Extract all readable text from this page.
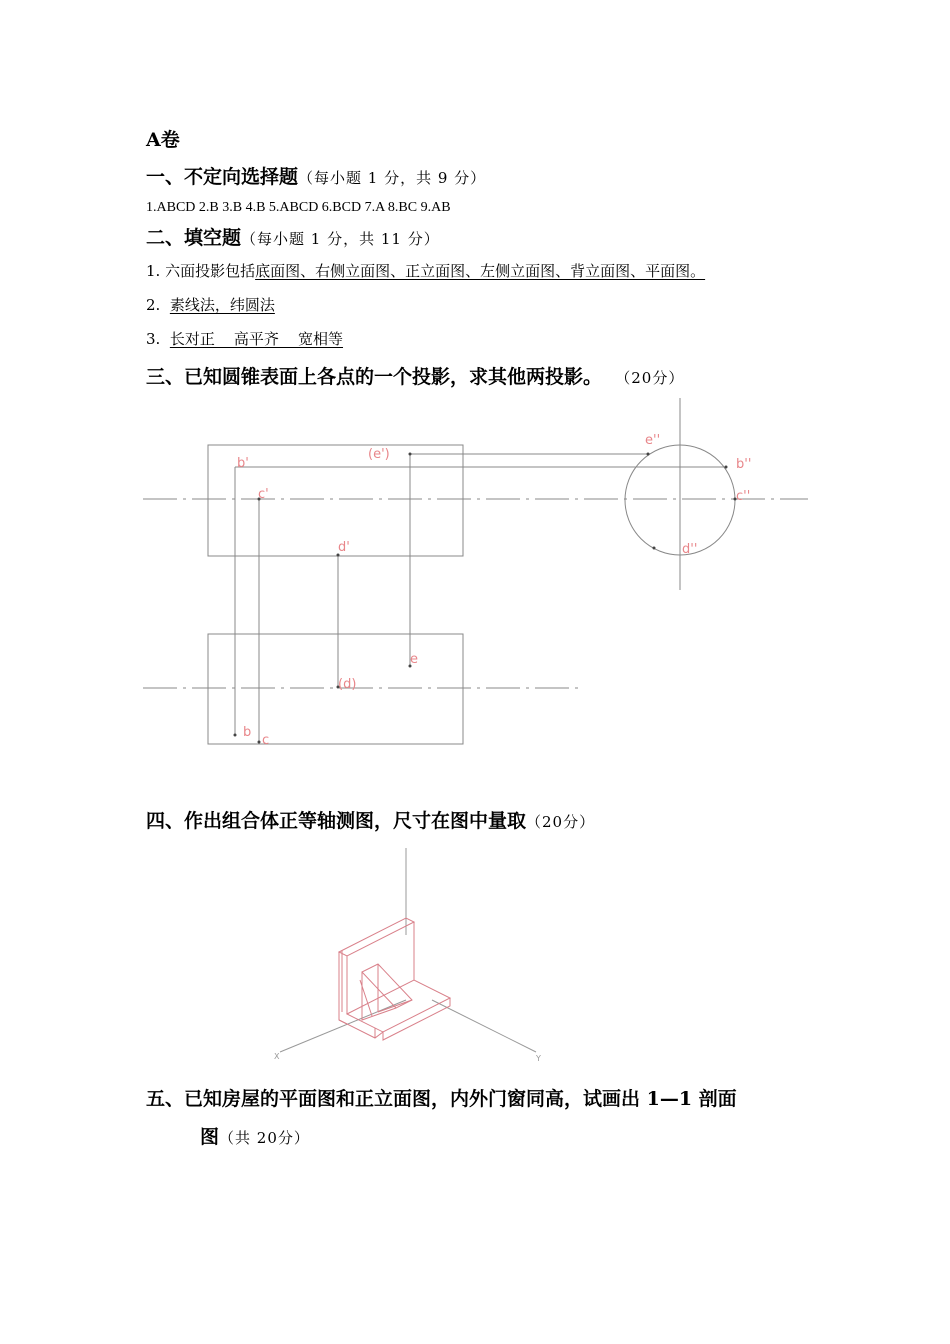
A卷
一、不定向选择题（每小题 1 分，共 9 分）
1.ABCD 2.B 3.B 4.B 5.ABCD 6.BCD 7.A 8.BC 9.AB
二、填空题（每小题 1 分，共 11 分）
1. 六面投影包括底面图、右侧立面图、正立面图、左侧立面图、背立面图、平面图。
2. 素线法，纬圆法
3. 长对正    高平齐    宽相等
三、已知圆锥表面上各点的一个投影，求其他两投影。 （20分）
b'
(e')
c'
d'
e''
b''
c''
d''
e
(d)
b
c
四、作出组合体正等轴测图，尺寸在图中量取（20分）
X	Y
五、已知房屋的平面图和正立面图，内外门窗同高，试画出 1—1 剖面
图（共 20分）
